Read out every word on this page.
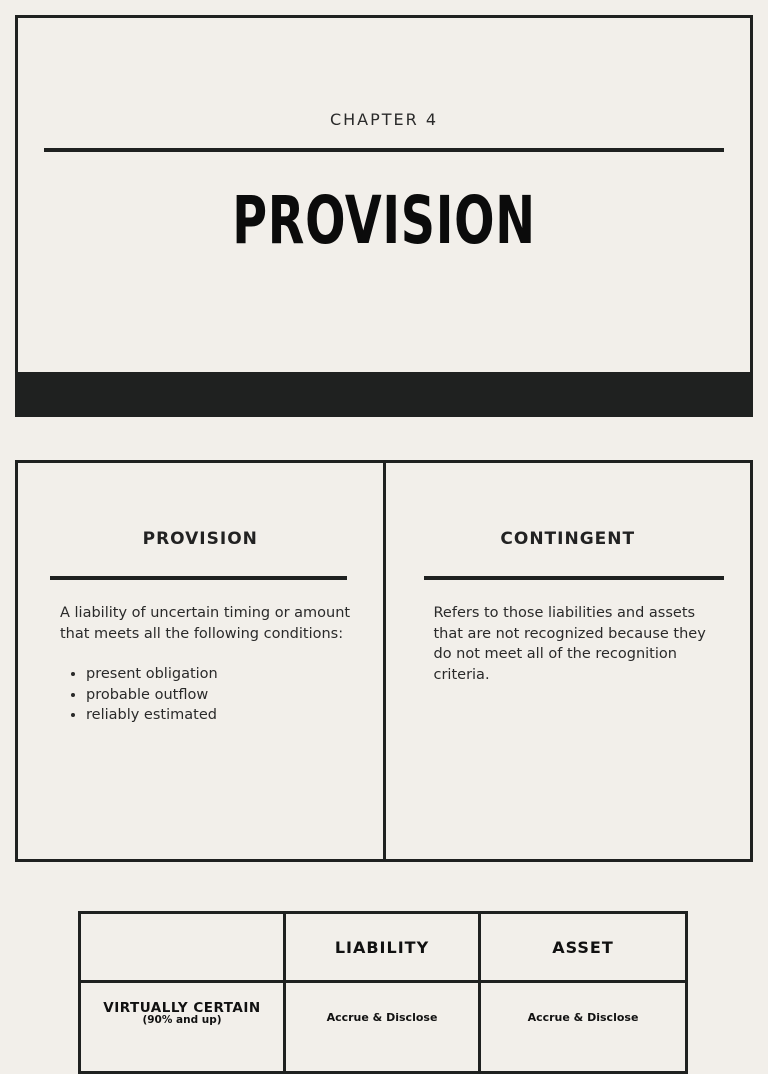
CHAPTER 4
PROVISION
PROVISION
A liability of uncertain timing or amount that meets all the following conditions:
• present obligation
• probable outflow
• reliably estimated
CONTINGENT
Refers to those liabilities and assets that are not recognized because they do not meet all of the recognition criteria.
	LIABILITY	ASSET

VIRTUALLY CERTAIN
(90% and up)	Accrue & Disclose	Accrue & Disclose
